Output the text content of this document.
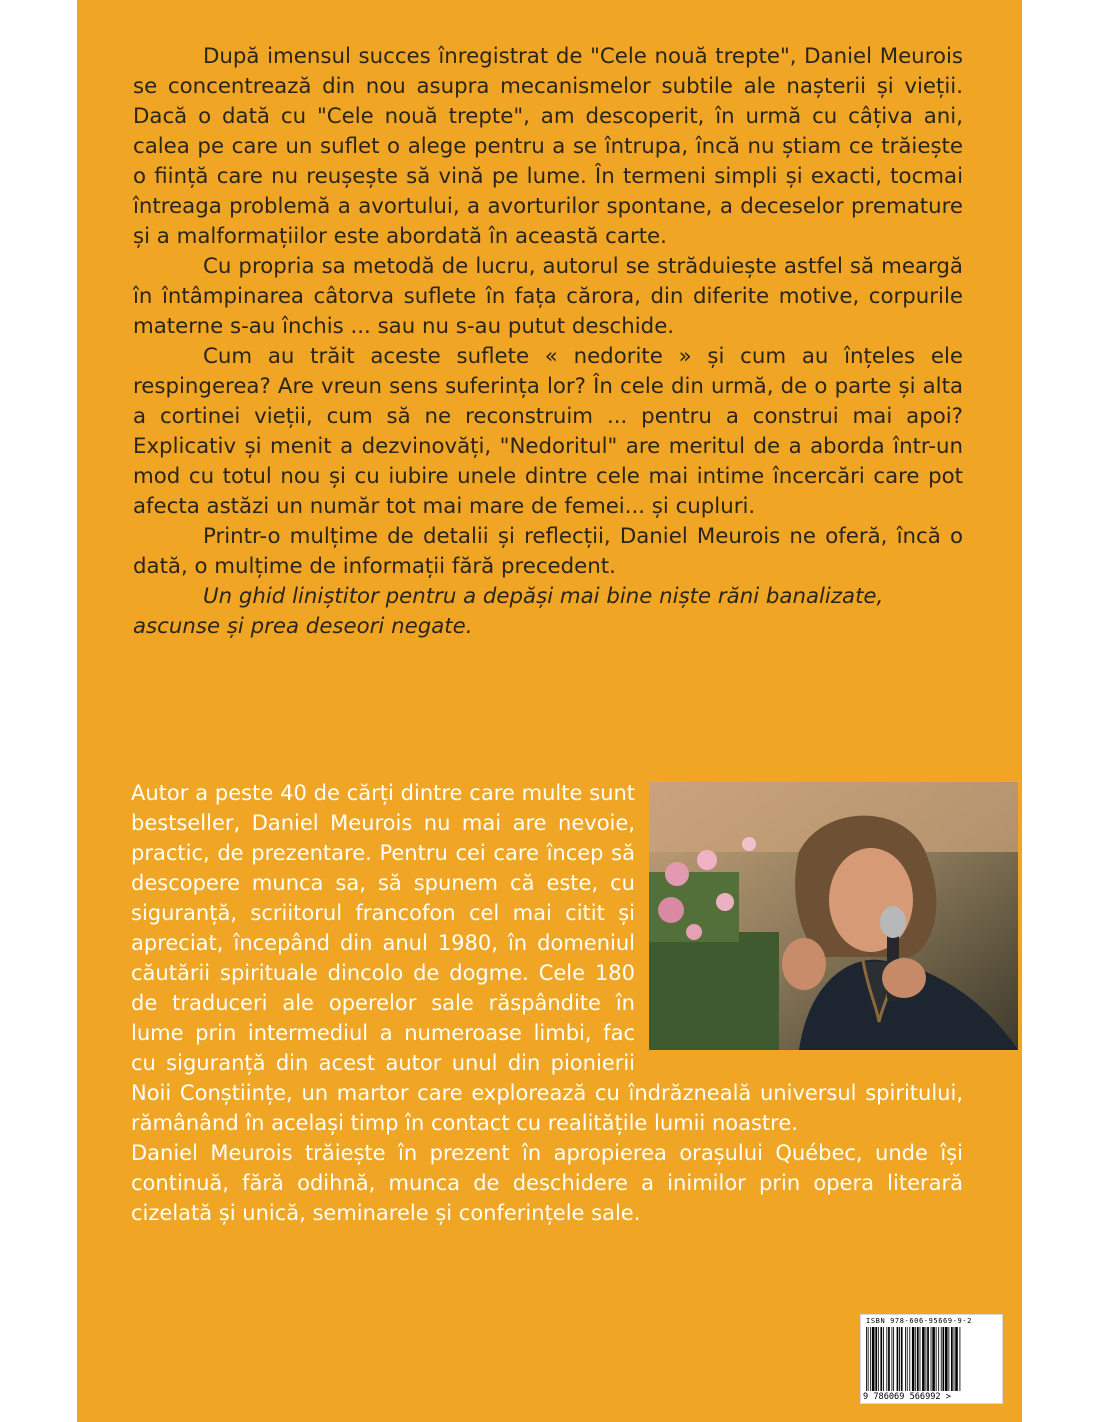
După imensul succes înregistrat de "Cele nouă trepte", Daniel Meurois se concentrează din nou asupra mecanismelor subtile ale nașterii și vieții. Dacă o dată cu "Cele nouă trepte", am descoperit, în urmă cu câțiva ani, calea pe care un suflet o alege pentru a se întrupa, încă nu știam ce trăiește o ființă care nu reușește să vină pe lume. În termeni simpli și exacti, tocmai întreaga problemă a avortului, a avorturilor spontane, a deceselor premature și a malformațiilor este abordată în această carte.

Cu propria sa metodă de lucru, autorul se străduiește astfel să meargă în întâmpinarea câtorva suflete în fața cărora, din diferite motive, corpurile materne s-au închis ... sau nu s-au putut deschide.

Cum au trăit aceste suflete « nedorite » și cum au înțeles ele respingerea? Are vreun sens suferința lor? În cele din urmă, de o parte și alta a cortinei vieții, cum să ne reconstruim ... pentru a construi mai apoi? Explicativ și menit a dezvinovăți, "Nedoritul" are meritul de a aborda într-un mod cu totul nou și cu iubire unele dintre cele mai intime încercări care pot afecta astăzi un număr tot mai mare de femei... și cupluri.

Printr-o mulțime de detalii și reflecții, Daniel Meurois ne oferă, încă o dată, o mulțime de informații fără precedent.

Un ghid liniștitor pentru a depăși mai bine niște răni banalizate, ascunse și prea deseori negate.

Autor a peste 40 de cărți dintre care multe sunt bestseller, Daniel Meurois nu mai are nevoie, practic, de prezentare. Pentru cei care încep să descopere munca sa, să spunem că este, cu siguranță, scriitorul francofon cel mai citit și apreciat, începând din anul 1980, în domeniul căutării spirituale dincolo de dogme. Cele 180 de traduceri ale operelor sale răspândite în lume prin intermediul a numeroase limbi, fac cu siguranță din acest autor unul din pionierii Noii Conștiințe, un martor care explorează cu îndrăzneală universul spiritului, rămânând în același timp în contact cu realitățile lumii noastre.

Daniel Meurois trăiește în prezent în apropierea orașului Québec, unde își continuă, fără odihnă, munca de deschidere a inimilor prin opera literară cizelată și unică, seminarele și conferințele sale.

ISBN 978-606-95669-9-2
9 786069 566992 >
